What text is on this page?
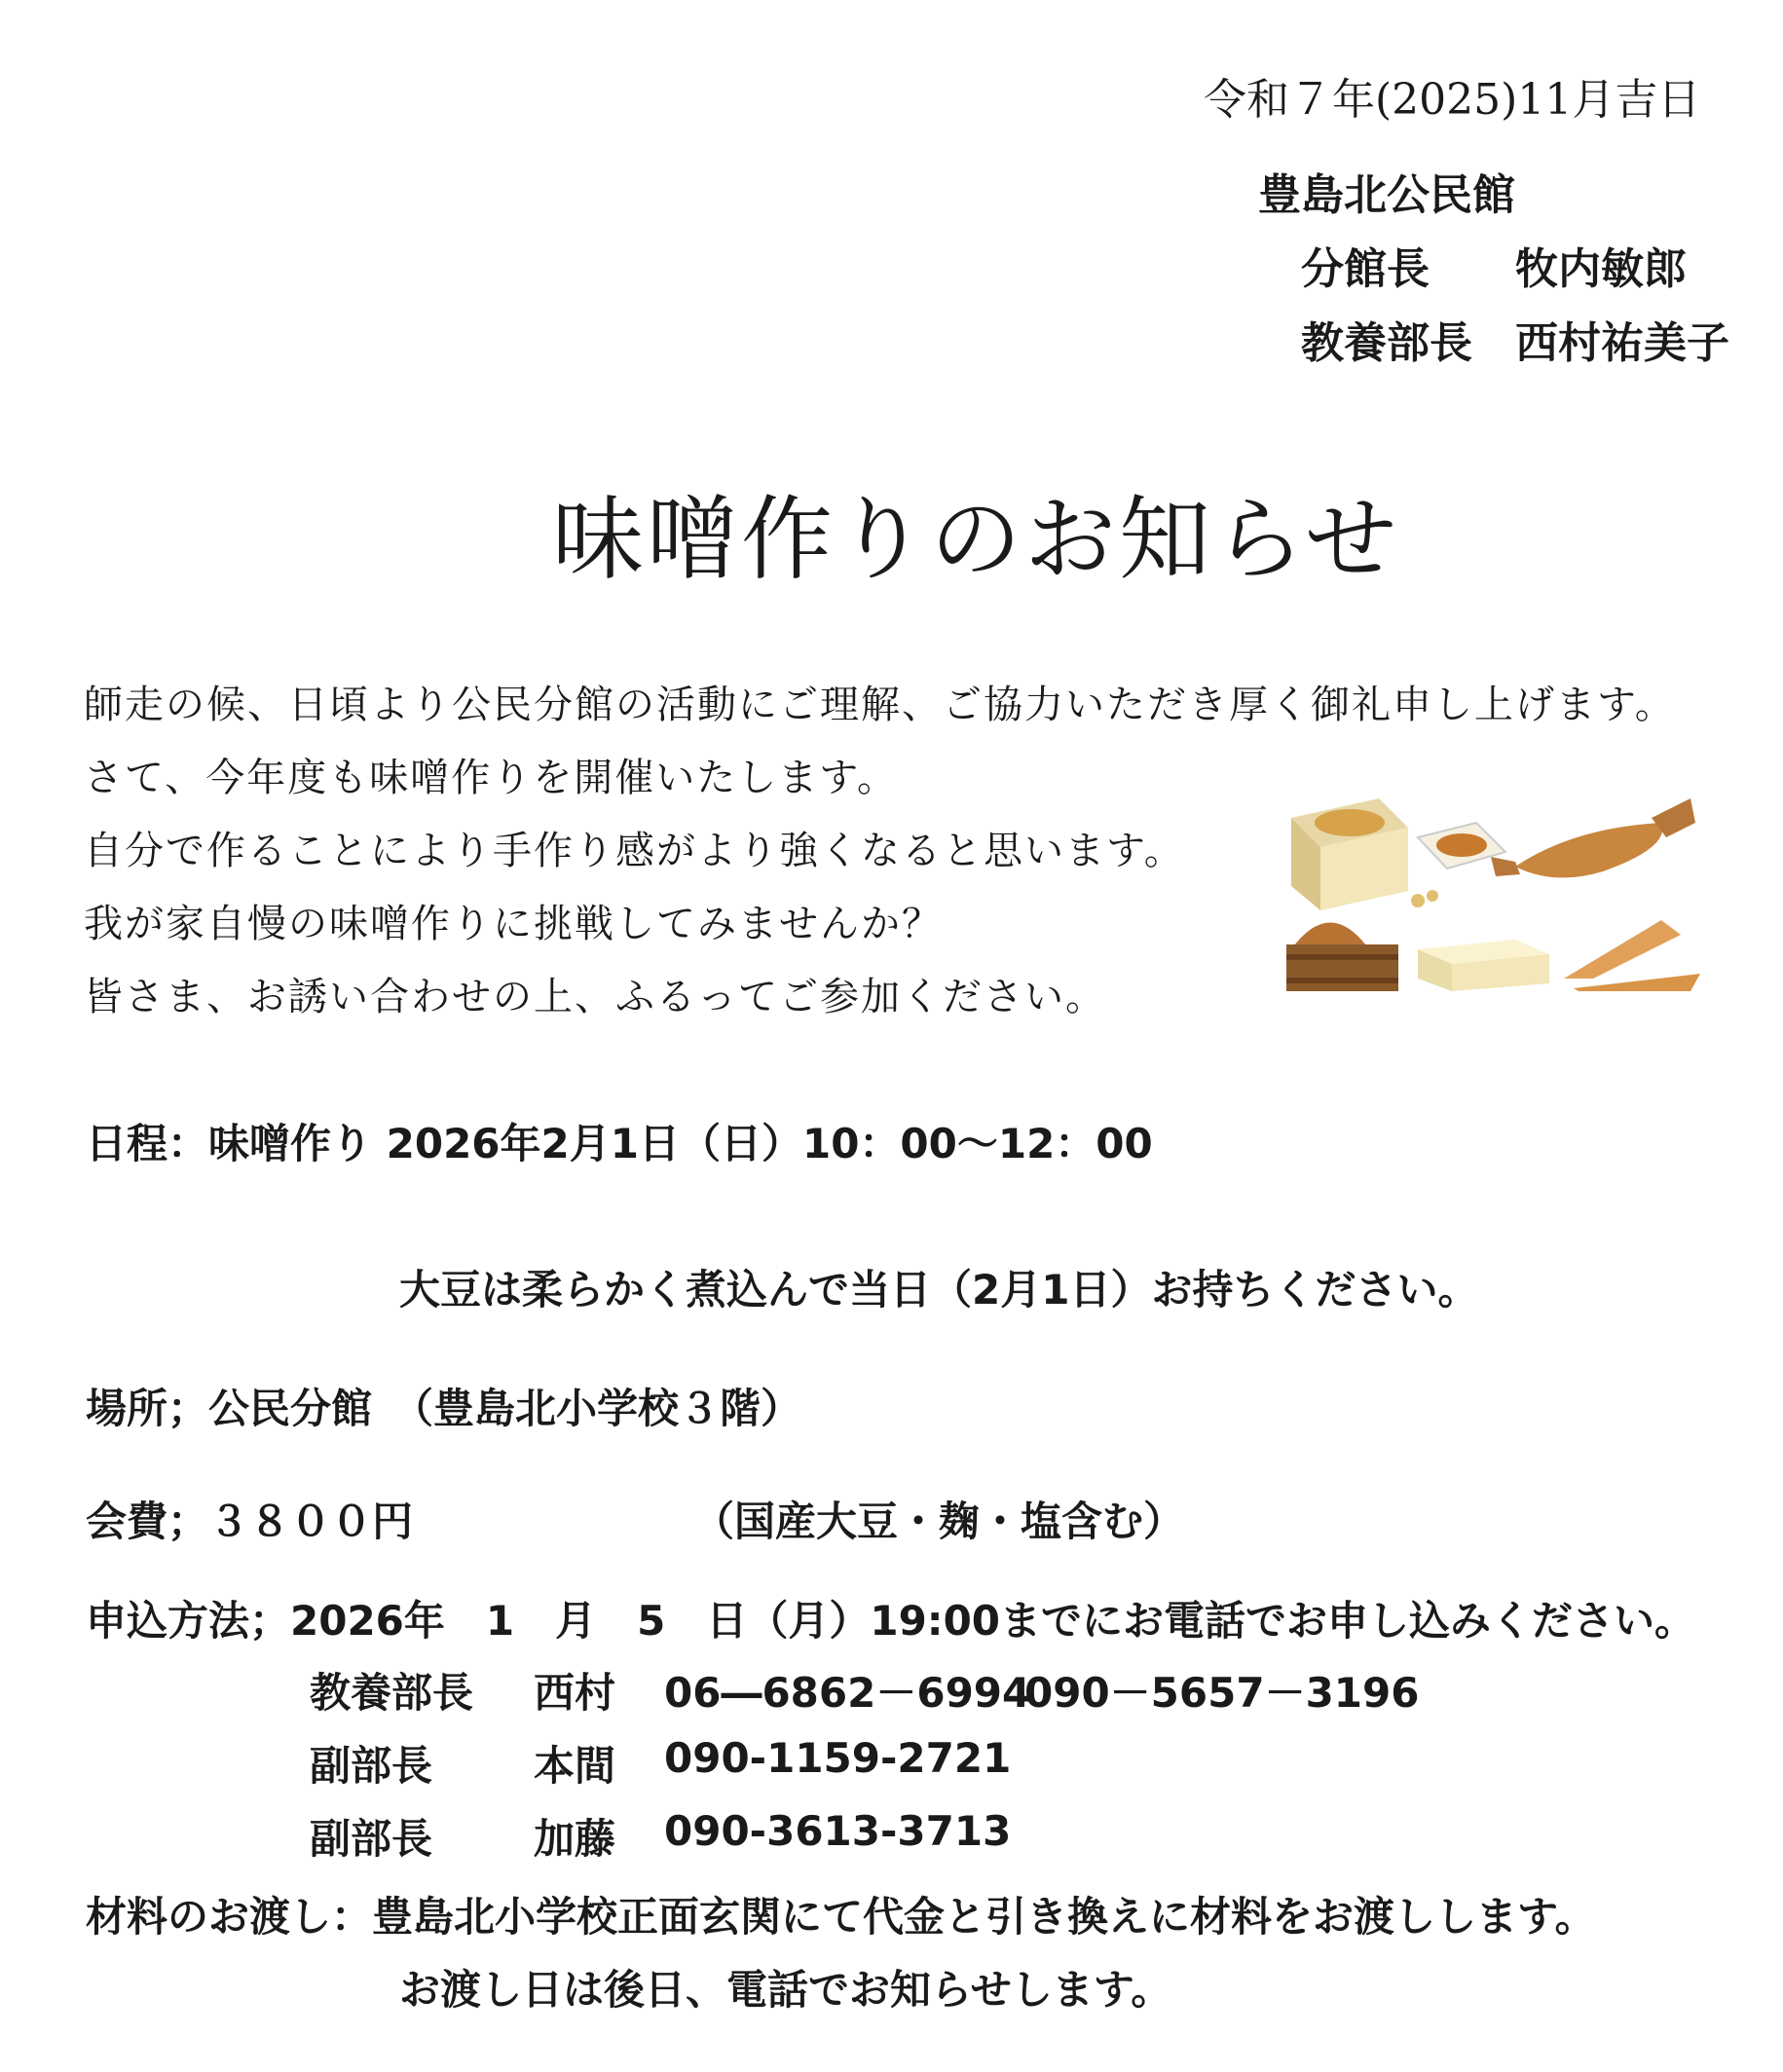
令和７年(2025)11月吉日
豊島北公民館
分館長 牧内敏郎
教養部長 西村祐美子
味噌作りのお知らせ
師走の候、日頃より公民分館の活動にご理解、ご協力いただき厚く御礼申し上げます。
さて、今年度も味噌作りを開催いたします。
自分で作ることにより手作り感がより強くなると思います。
我が家自慢の味噌作りに挑戦してみませんか？
皆さま、お誘い合わせの上、ふるってご参加ください。
日程：味噌作り 2026年2月1日（日）10：00〜12：00
大豆は柔らかく煮込んで当日（2月1日）お持ちください。
場所；公民分館　（豊島北小学校３階）
会費；３８００円	（国産大豆・麹・塩含む）
申込方法；2026年　1　月　5　日（月）19:00までにお電話でお申し込みください。
教養部長 西村 06―6862－6994
090－5657－3196
副部長 本間 090-1159-2721
副部長 加藤 090-3613-3713
材料のお渡し：豊島北小学校正面玄関にて代金と引き換えに材料をお渡しします。
お渡し日は後日、電話でお知らせします。
